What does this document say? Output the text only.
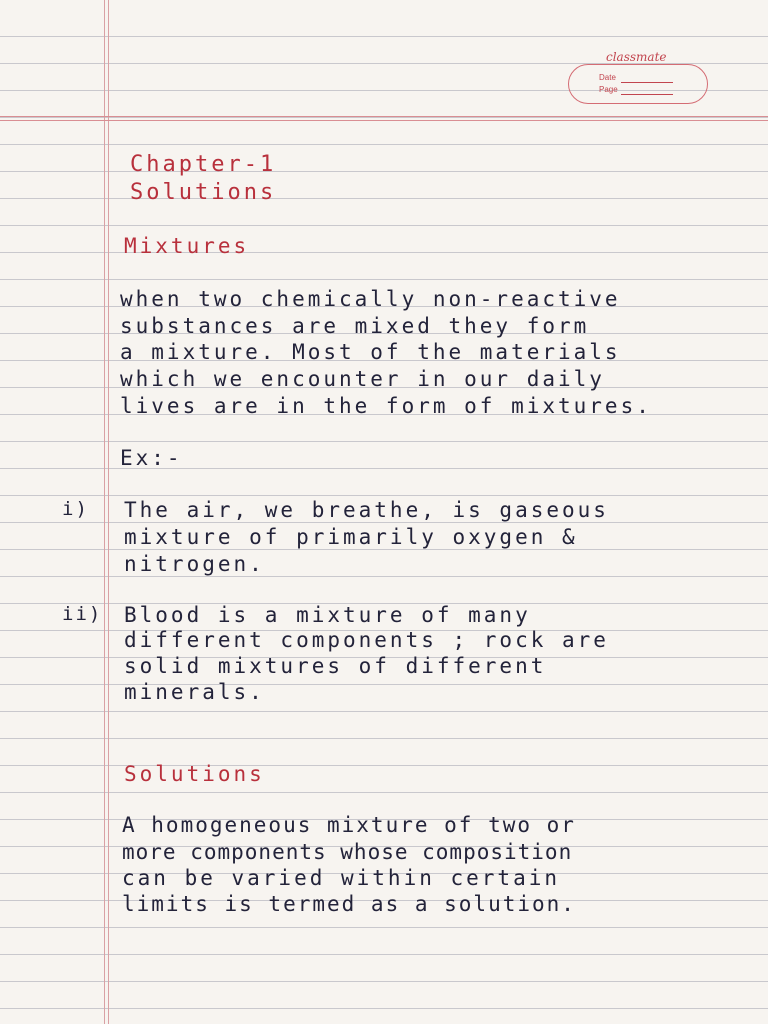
classmate
Date
Page
Chapter-1
Solutions
Mixtures
when two chemically non-reactive
substances are mixed they form
a mixture. Most of the materials
which we encounter in our daily
lives are in the form of mixtures.
Ex:-
i) The air, we breathe, is gaseous
mixture of primarily oxygen &
nitrogen.
ii) Blood is a mixture of many
different components ; rock are
solid mixtures of different
minerals.
Solutions
A homogeneous mixture of two or
more components whose composition
can be varied within certain
limits is termed as a solution.
